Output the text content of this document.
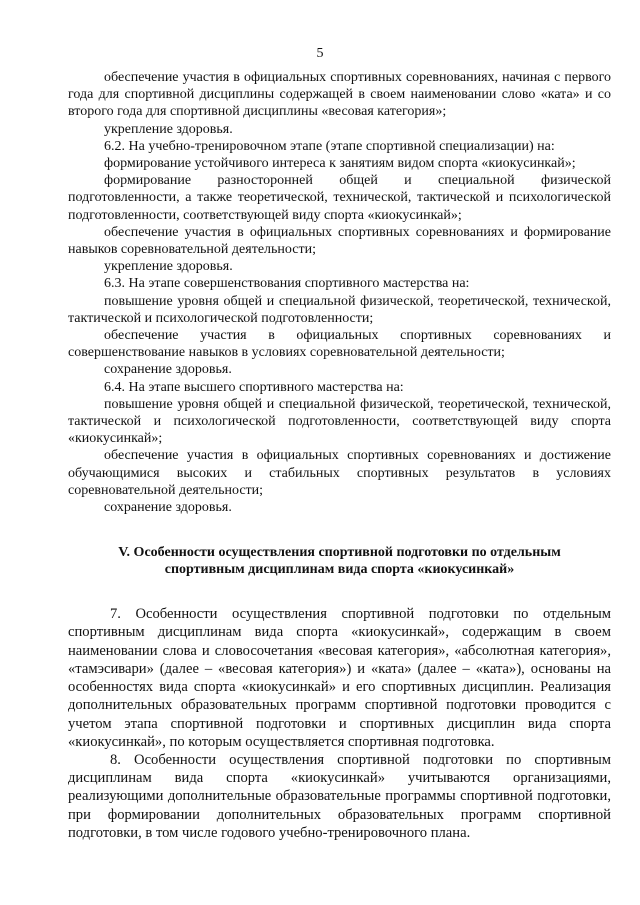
5

обеспечение участия в официальных спортивных соревнованиях, начиная с первого года для спортивной дисциплины содержащей в своем наименовании слово «ката» и со второго года для спортивной дисциплины «весовая категория»;

укрепление здоровья.

6.2. На учебно-тренировочном этапе (этапе спортивной специализации) на:

формирование устойчивого интереса к занятиям видом спорта «киокусинкай»;

формирование разносторонней общей и специальной физической подготовленности, а также теоретической, технической, тактической и психологической подготовленности, соответствующей виду спорта «киокусинкай»;

обеспечение участия в официальных спортивных соревнованиях и формирование навыков соревновательной деятельности;

укрепление здоровья.

6.3. На этапе совершенствования спортивного мастерства на:

повышение уровня общей и специальной физической, теоретической, технической, тактической и психологической подготовленности;

обеспечение участия в официальных спортивных соревнованиях и совершенствование навыков в условиях соревновательной деятельности;

сохранение здоровья.

6.4. На этапе высшего спортивного мастерства на:

повышение уровня общей и специальной физической, теоретической, технической, тактической и психологической подготовленности, соответствующей виду спорта «киокусинкай»;

обеспечение участия в официальных спортивных соревнованиях и достижение обучающимися высоких и стабильных спортивных результатов в условиях соревновательной деятельности;

сохранение здоровья.

V. Особенности осуществления спортивной подготовки по отдельным
спортивным дисциплинам вида спорта «киокусинкай»

7. Особенности осуществления спортивной подготовки по отдельным спортивным дисциплинам вида спорта «киокусинкай», содержащим в своем наименовании слова и словосочетания «весовая категория», «абсолютная категория», «тамэсивари» (далее – «весовая категория») и «ката» (далее – «ката»), основаны на особенностях вида спорта «киокусинкай» и его спортивных дисциплин. Реализация дополнительных образовательных программ спортивной подготовки проводится с учетом этапа спортивной подготовки и спортивных дисциплин вида спорта «киокусинкай», по которым осуществляется спортивная подготовка.

8. Особенности осуществления спортивной подготовки по спортивным дисциплинам вида спорта «киокусинкай» учитываются организациями, реализующими дополнительные образовательные программы спортивной подготовки, при формировании дополнительных образовательных программ спортивной подготовки, в том числе годового учебно-тренировочного плана.
